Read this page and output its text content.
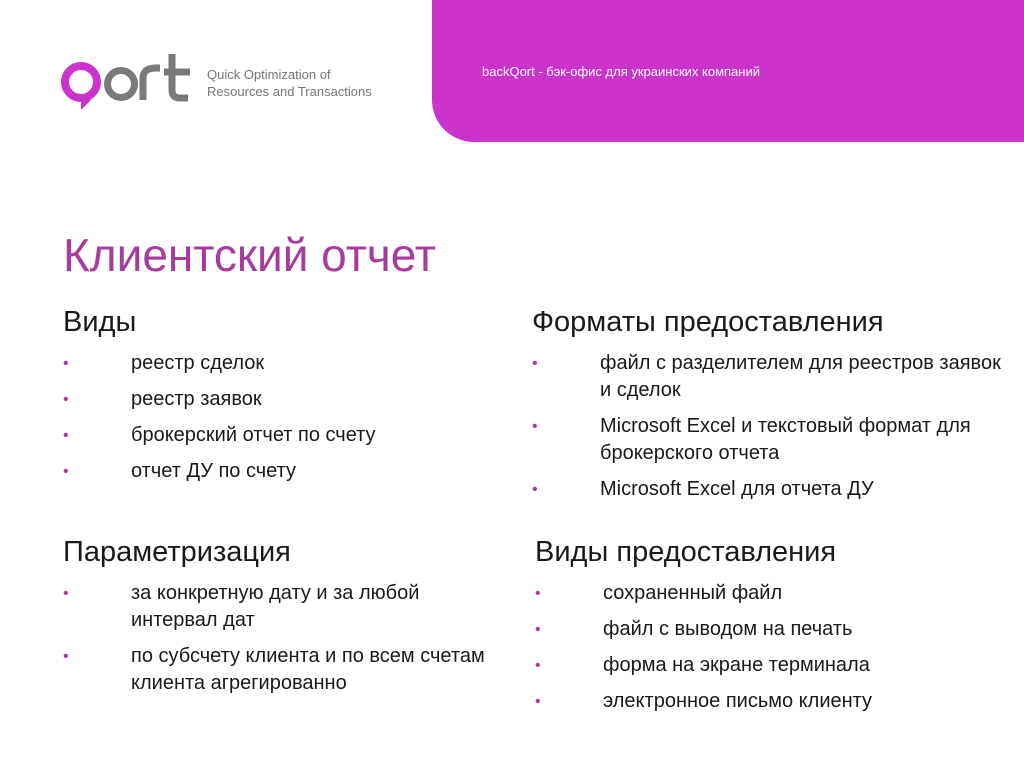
backQort - бэк-офис для украинских компаний
Quick Optimization of
Resources and Transactions
Клиентский отчет
Виды
•	реестр сделок
•	реестр заявок
•	брокерский отчет по счету
•	отчет ДУ по счету
Форматы предоставления
•	файл с разделителем для реестров заявок и сделок
•	Microsoft Excel и текстовый формат для брокерского отчета
•	Microsoft Excel для отчета ДУ
Параметризация
•	за конкретную дату и за любой интервал дат
•	по субсчету клиента и по всем счетам клиента агрегированно
Виды предоставления
•	сохраненный файл
•	файл с выводом на печать
•	форма на экране терминала
•	электронное письмо клиенту
